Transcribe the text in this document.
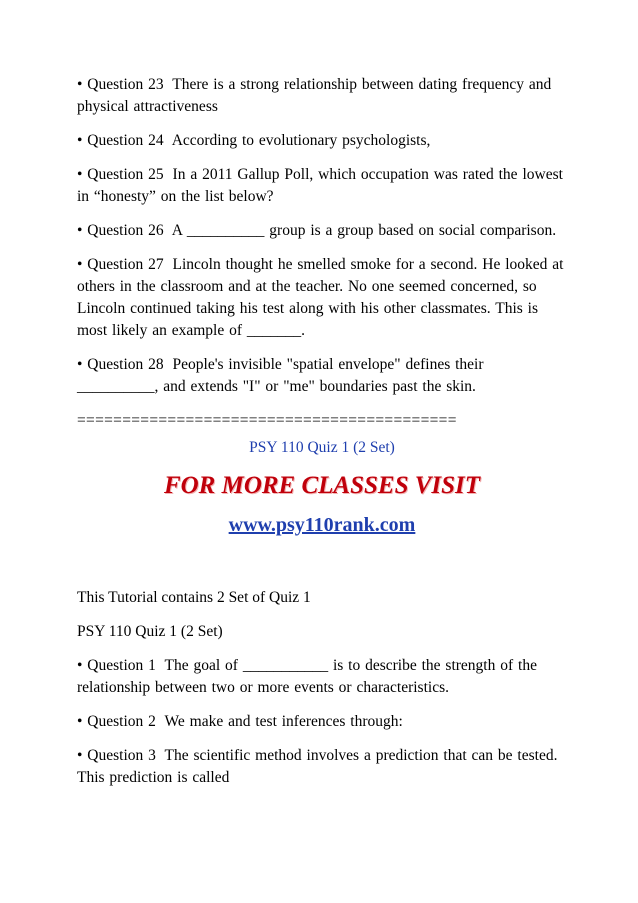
• Question 23 There is a strong relationship between dating frequency and physical attractiveness

• Question 24 According to evolutionary psychologists,

• Question 25 In a 2011 Gallup Poll, which occupation was rated the lowest in “honesty” on the list below?

• Question 26 A __________ group is a group based on social comparison.

• Question 27 Lincoln thought he smelled smoke for a second. He looked at others in the classroom and at the teacher. No one seemed concerned, so Lincoln continued taking his test along with his other classmates. This is most likely an example of _______.

• Question 28 People's invisible "spatial envelope" defines their __________, and extends "I" or "me" boundaries past the skin.

==========================================
PSY 110 Quiz 1 (2 Set)
FOR MORE CLASSES VISIT
www.psy110rank.com

This Tutorial contains 2 Set of Quiz 1

PSY 110 Quiz 1 (2 Set)

• Question 1 The goal of ___________ is to describe the strength of the relationship between two or more events or characteristics.

• Question 2 We make and test inferences through:

• Question 3 The scientific method involves a prediction that can be tested. This prediction is called
